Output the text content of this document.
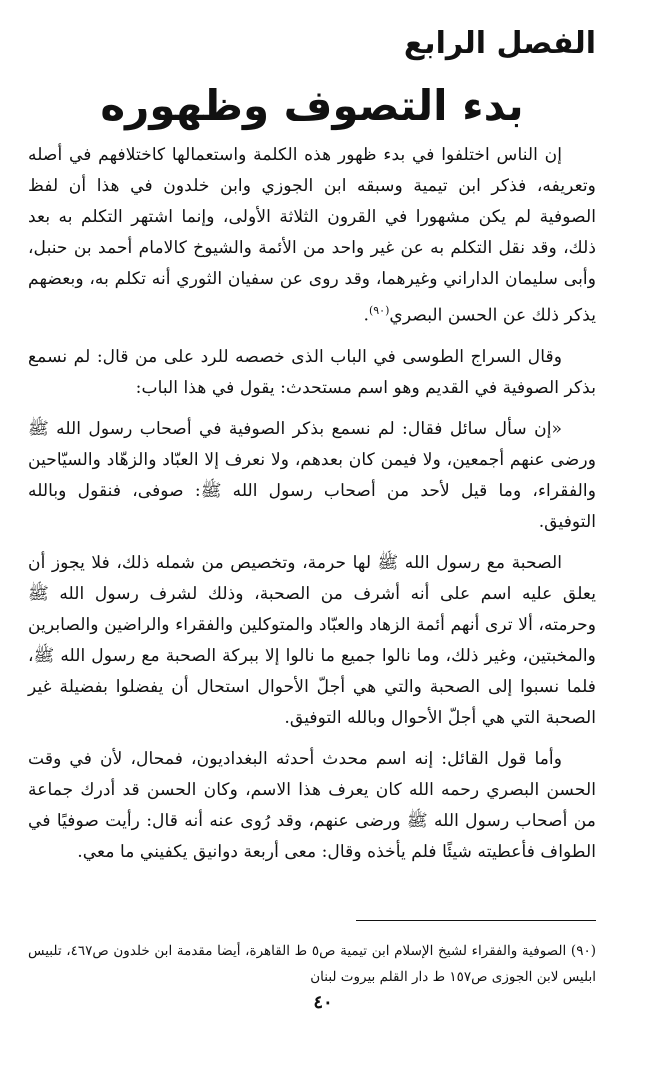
الفصل الرابع
بدء التصوف وظهوره

إن الناس اختلفوا في بدء ظهور هذه الكلمة واستعمالها كاختلافهم في أصله وتعريفه، فذكر ابن تيمية وسبقه ابن الجوزي وابن خلدون في هذا أن لفظ الصوفية لم يكن مشهورا في القرون الثلاثة الأولى، وإنما اشتهر التكلم به بعد ذلك، وقد نقل التكلم به عن غير واحد من الأئمة والشيوخ كالامام أحمد بن حنبل، وأبى سليمان الداراني وغيرهما، وقد روى عن سفيان الثوري أنه تكلم به، وبعضهم يذكر ذلك عن الحسن البصري$^{(٩٠)}$.

وقال السراج الطوسى في الباب الذى خصصه للرد على من قال: لم نسمع بذكر الصوفية في القديم وهو اسم مستحدث: يقول في هذا الباب:

«إن سأل سائل فقال: لم نسمع بذكر الصوفية في أصحاب رسول الله ﷺ ورضى عنهم أجمعين، ولا فيمن كان بعدهم، ولا نعرف إلا العبّاد والزهّاد والسيّاحين والفقراء، وما قيل لأحد من أصحاب رسول الله ﷺ: صوفى، فنقول وبالله التوفيق.

الصحبة مع رسول الله ﷺ لها حرمة، وتخصيص من شمله ذلك، فلا يجوز أن يعلق عليه اسم على أنه أشرف من الصحبة، وذلك لشرف رسول الله ﷺ وحرمته، ألا ترى أنهم أئمة الزهاد والعبّاد والمتوكلين والفقراء والراضين والصابرين والمخبتين، وغير ذلك، وما نالوا جميع ما نالوا إلا ببركة الصحبة مع رسول الله ﷺ، فلما نسبوا إلى الصحبة والتي هي أجلّ الأحوال استحال أن يفضلوا بفضيلة غير الصحبة التي هي أجلّ الأحوال وبالله التوفيق.

وأما قول القائل: إنه اسم محدث أحدثه البغداديون، فمحال، لأن في وقت الحسن البصري رحمه الله كان يعرف هذا الاسم، وكان الحسن قد أدرك جماعة من أصحاب رسول الله ﷺ ورضى عنهم، وقد رُوى عنه أنه قال: رأيت صوفيًا في الطواف فأعطيته شيئًا فلم يأخذه وقال: معى أربعة دوانيق يكفيني ما معي.

(٩٠) الصوفية والفقراء لشيخ الإسلام ابن تيمية ص٥ ط القاهرة، أيضا مقدمة ابن خلدون ص٤٦٧، تلبيس ابليس لابن الجوزى ص١٥٧ ط دار القلم بيروت لبنان
٤٠
